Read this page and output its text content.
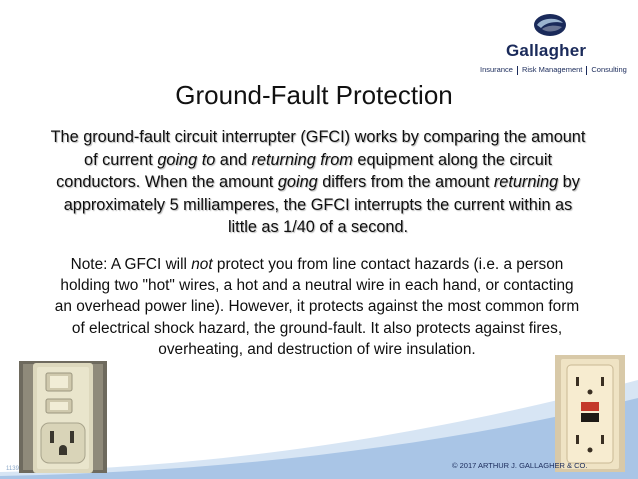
Gallagher
Insurance Risk Management Consulting
Ground-Fault Protection
The ground-fault circuit interrupter (GFCI) works by comparing the amount of current going to and returning from equipment along the circuit conductors. When the amount going differs from the amount returning by approximately 5 milliamperes, the GFCI interrupts the current within as little as 1/40 of a second.
Note: A GFCI will not protect you from line contact hazards (i.e. a person holding two "hot" wires, a hot and a neutral wire in each hand, or contacting an overhead power line). However, it protects against the most common form of electrical shock hazard, the ground-fault. It also protects against fires, overheating, and destruction of wire insulation.
© 2017 ARTHUR J. GALLAGHER & CO.
1139
